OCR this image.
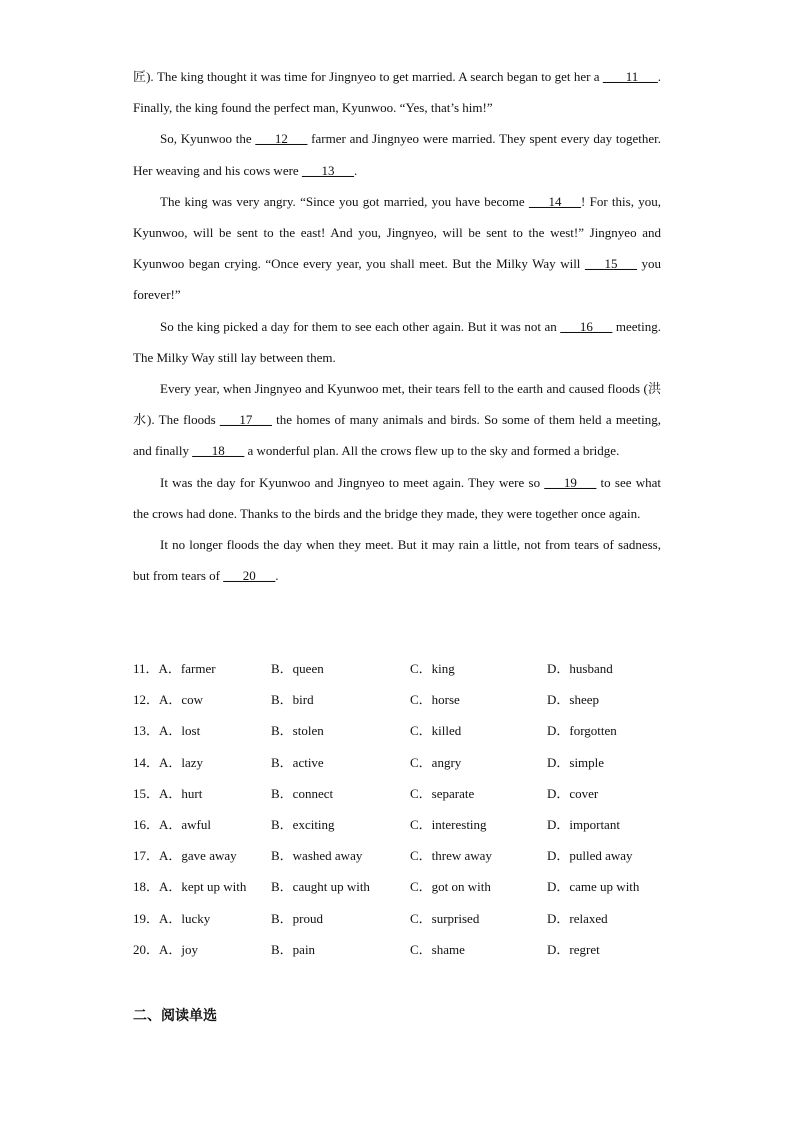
匠). The king thought it was time for Jingnyeo to get married. A search began to get her a ___ 11___. Finally, the king found the perfect man, Kyunwoo. “Yes, that’s him!”

So, Kyunwoo the ___12___ farmer and Jingnyeo were married. They spent every day together. Her weaving and his cows were ___13___.

The king was very angry. “Since you got married, you have become ___14___! For this, you, Kyunwoo, will be sent to the east! And you, Jingnyeo, will be sent to the west!” Jingnyeo and Kyunwoo began crying. “Once every year, you shall meet. But the Milky Way will ___15___ you forever!”

So the king picked a day for them to see each other again. But it was not an ___16___ meeting. The Milky Way still lay between them.

Every year, when Jingnyeo and Kyunwoo met, their tears fell to the earth and caused floods (洪水). The floods ___17___ the homes of many animals and birds. So some of them held a meeting, and finally ___18___ a wonderful plan. All the crows flew up to the sky and formed a bridge.

It was the day for Kyunwoo and Jingnyeo to meet again. They were so ___19___ to see what the crows had done. Thanks to the birds and the bridge they made, they were together once again.

It no longer floods the day when they meet. But it may rain a little, not from tears of sadness, but from tears of ___20___.

11．A．farmer	B．queen	C．king	D．husband
12．A．cow	B．bird	C．horse	D．sheep
13．A．lost	B．stolen	C．killed	D．forgotten
14．A．lazy	B．active	C．angry	D．simple
15．A．hurt	B．connect	C．separate	D．cover
16．A．awful	B．exciting	C．interesting	D．important
17．A．gave away	B．washed away	C．threw away	D．pulled away
18．A．kept up with B．caught up with	C．got on with	D．came up with
19．A．lucky	B．proud	C．surprised	D．relaxed
20．A．joy	B．pain	C．shame	D．regret
二、阅读单选
